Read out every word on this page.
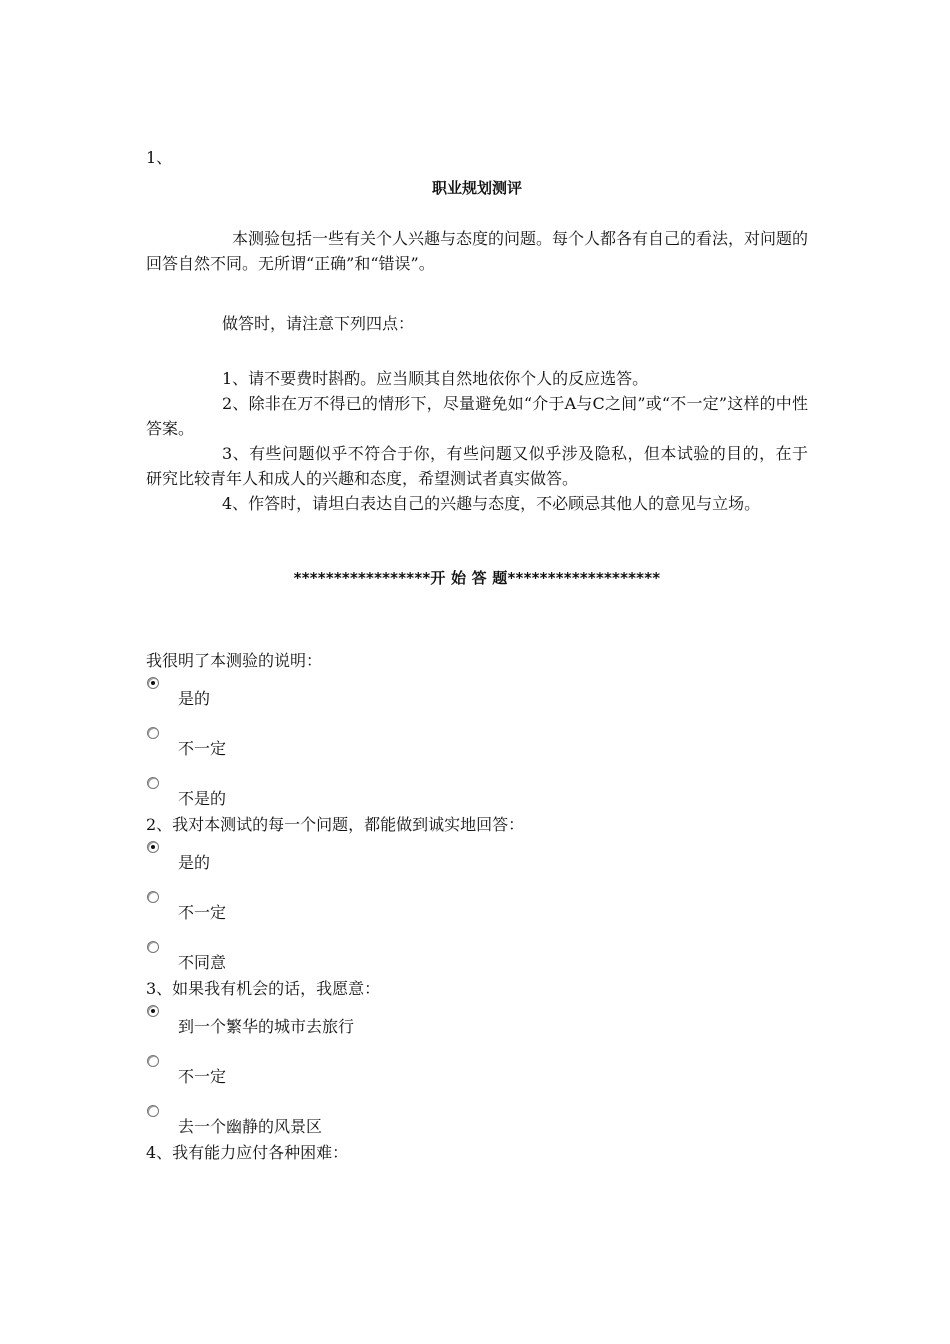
1、

职业规划测评

本测验包括一些有关个人兴趣与态度的问题。每个人都各有自己的看法，对问题的回答自然不同。无所谓“正确”和“错误”。

做答时，请注意下列四点：

1、请不要费时斟酌。应当顺其自然地依你个人的反应选答。

2、除非在万不得已的情形下，尽量避免如“介于A与C之间”或“不一定”这样的中性答案。

3、有些问题似乎不符合于你，有些问题又似乎涉及隐私，但本试验的目的，在于研究比较青年人和成人的兴趣和态度，希望测试者真实做答。

4、作答时，请坦白表达自己的兴趣与态度，不必顾忌其他人的意见与立场。

*****************开 始 答 题*******************

我很明了本测验的说明：

是的
不一定
不是的

2、我对本测试的每一个问题，都能做到诚实地回答：

是的
不一定
不同意

3、如果我有机会的话，我愿意：

到一个繁华的城市去旅行
不一定
去一个幽静的风景区

4、我有能力应付各种困难：
